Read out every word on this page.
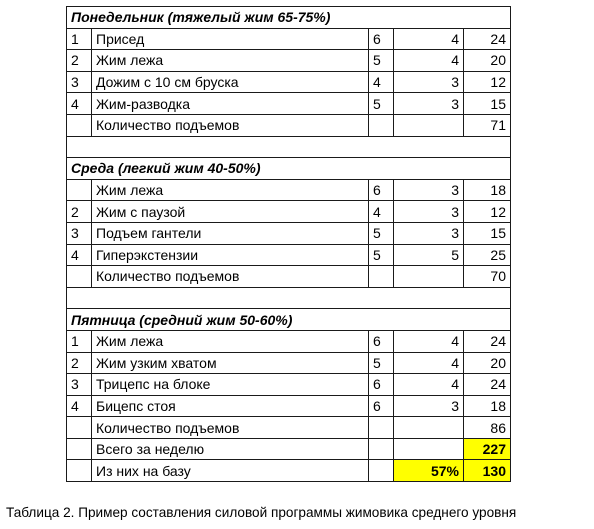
Понедельник (тяжелый жим 65-75%)				
1	Присед	6	4	24
2	Жим лежа	5	4	20
3	Дожим с 10 см бруска	4	3	12
4	Жим-разводка	5	3	15
	Количество подъемов			71

Среда (легкий жим 40-50%)				
	Жим лежа	6	3	18
2	Жим с паузой	4	3	12
3	Подъем гантели	5	3	15
4	Гиперэкстензии	5	5	25
	Количество подъемов			70

Пятница (средний жим 50-60%)				
1	Жим лежа	6	4	24
2	Жим узким хватом	5	4	20
3	Трицепс на блоке	6	4	24
4	Бицепс стоя	6	3	18
	Количество подъемов			86
	Всего за неделю			227
	Из них на базу		57%	130
Таблица 2. Пример составления силовой программы жимовика среднего уровня
